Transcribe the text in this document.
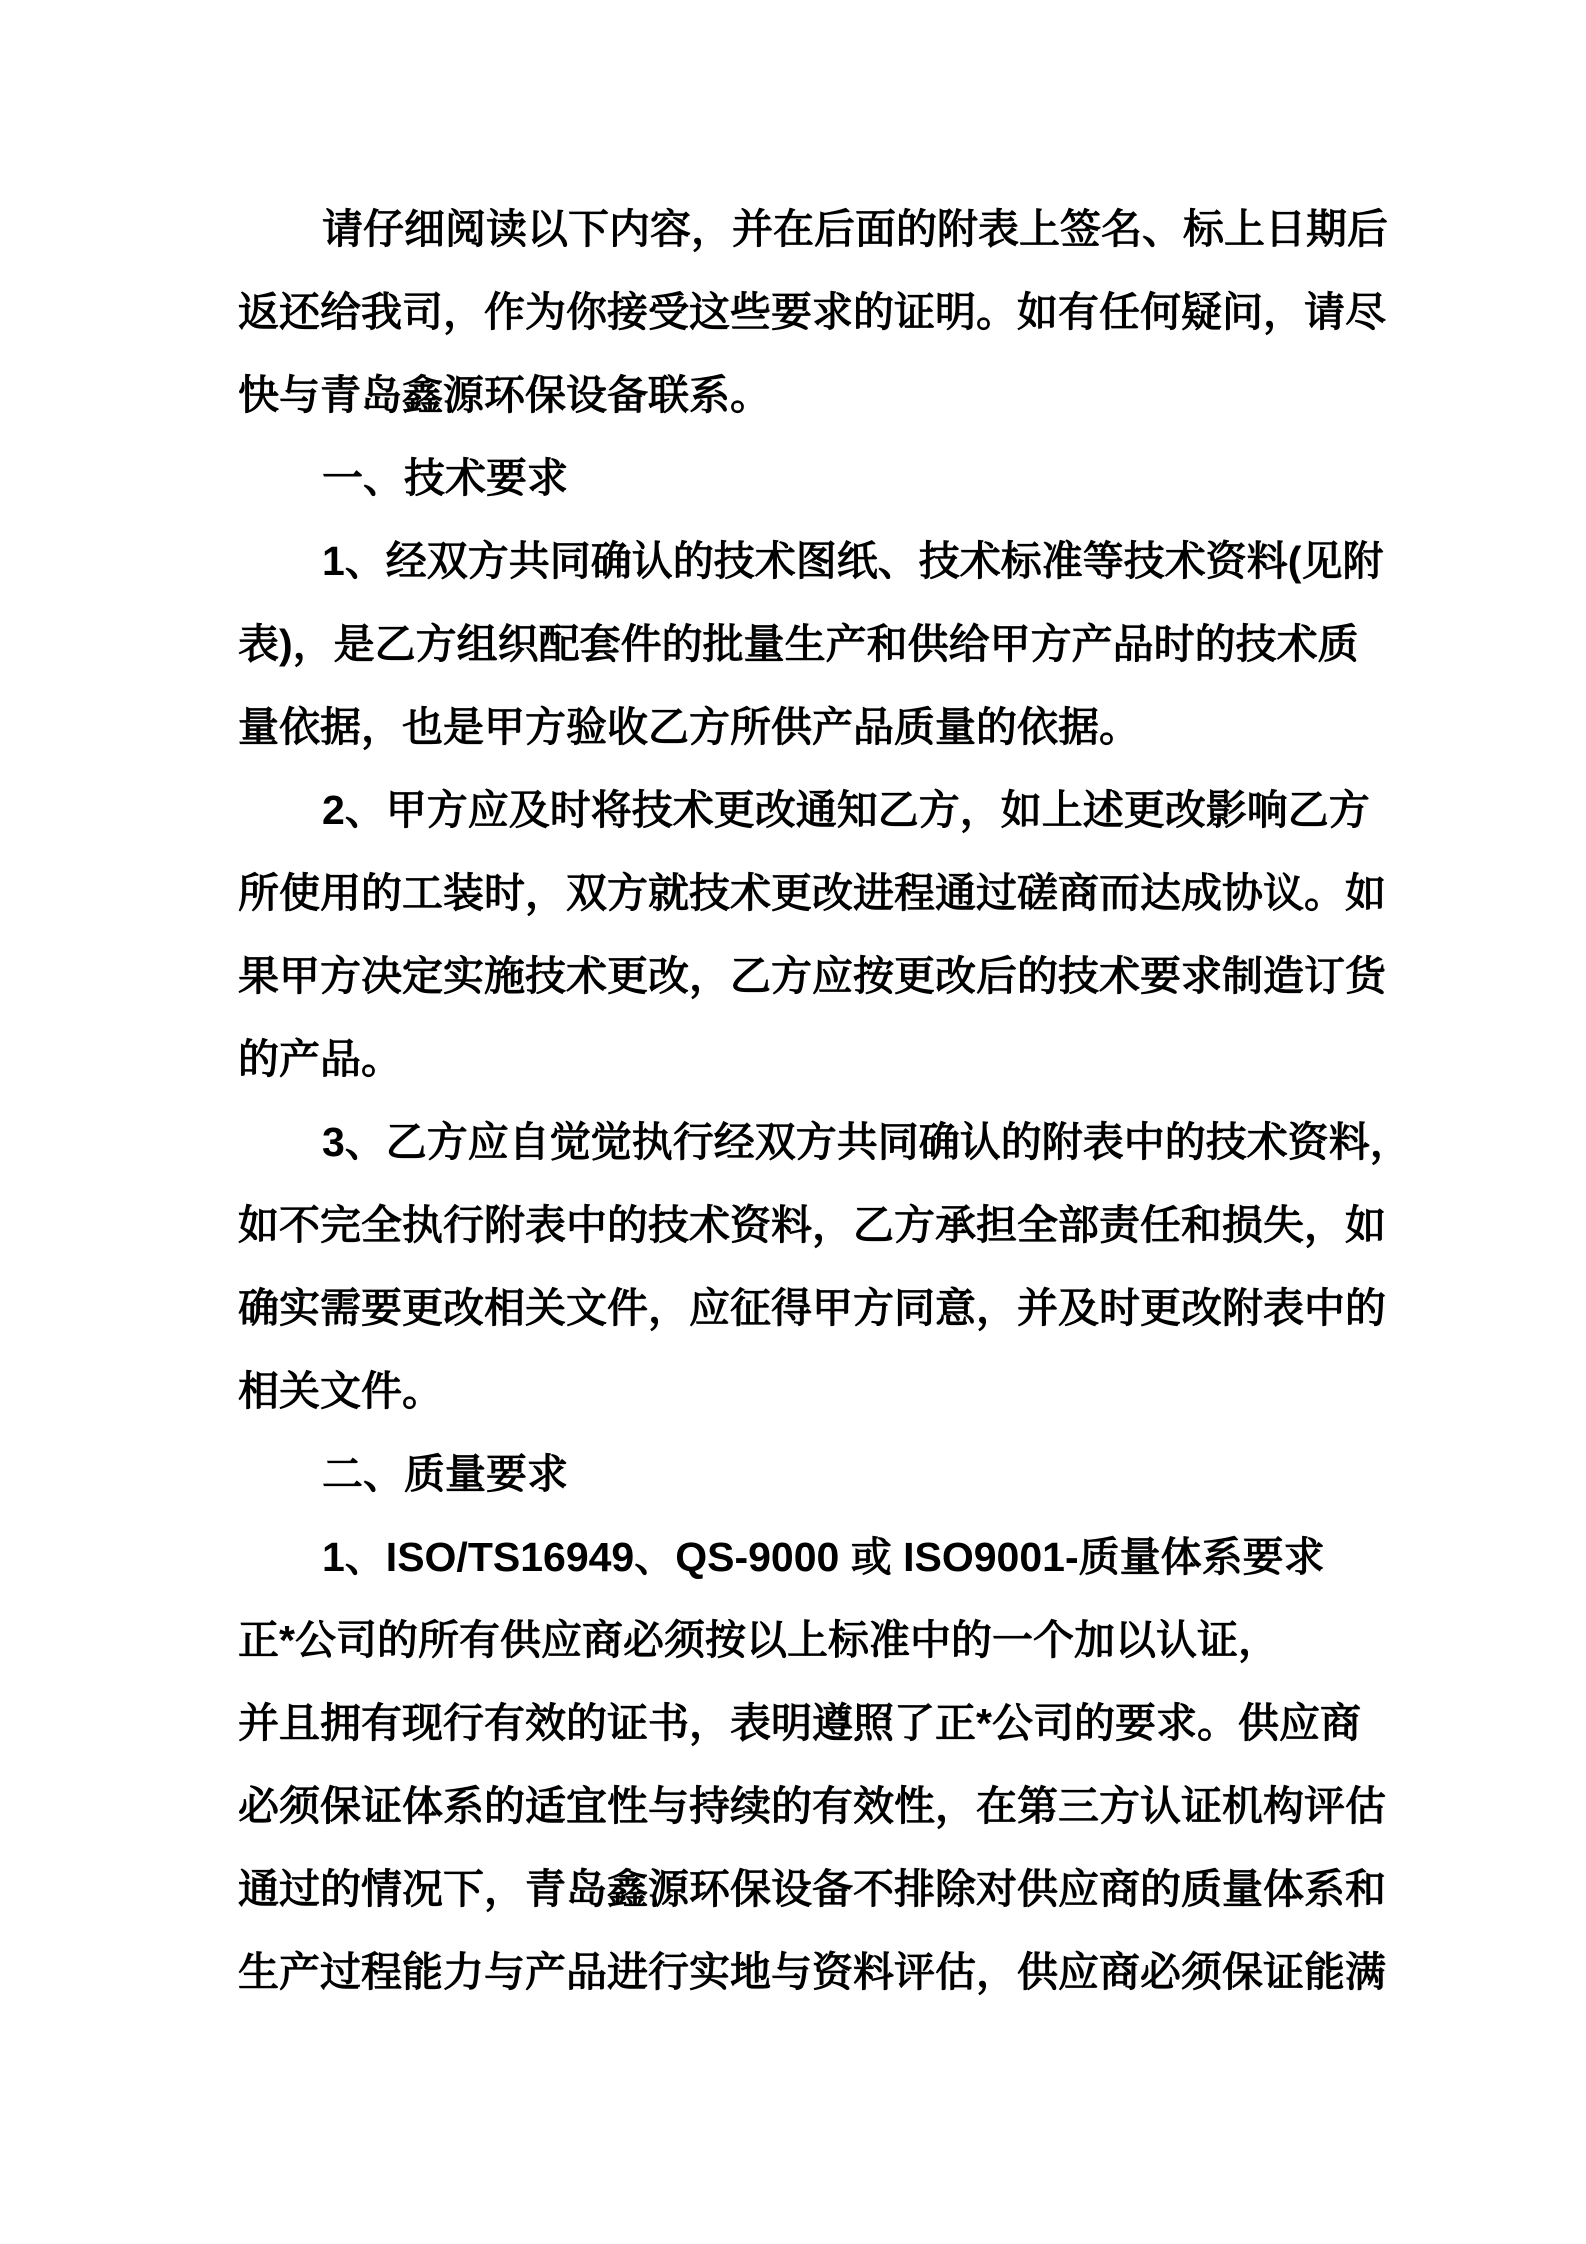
请仔细阅读以下内容，并在后面的附表上签名、标上日期后
返还给我司，作为你接受这些要求的证明。如有任何疑问，请尽
快与青岛鑫源环保设备联系。
一、技术要求
1、经双方共同确认的技术图纸、技术标准等技术资料(见附
表)，是乙方组织配套件的批量生产和供给甲方产品时的技术质
量依据，也是甲方验收乙方所供产品质量的依据。
2、甲方应及时将技术更改通知乙方，如上述更改影响乙方
所使用的工装时，双方就技术更改进程通过磋商而达成协议。如
果甲方决定实施技术更改，乙方应按更改后的技术要求制造订货
的产品。
3、乙方应自觉觉执行经双方共同确认的附表中的技术资料，
如不完全执行附表中的技术资料，乙方承担全部责任和损失，如
确实需要更改相关文件，应征得甲方同意，并及时更改附表中的
相关文件。
二、质量要求
1、ISO/TS16949、QS-9000 或 ISO9001-质量体系要求
正*公司的所有供应商必须按以上标准中的一个加以认证，
并且拥有现行有效的证书，表明遵照了正*公司的要求。供应商
必须保证体系的适宜性与持续的有效性，在第三方认证机构评估
通过的情况下，青岛鑫源环保设备不排除对供应商的质量体系和
生产过程能力与产品进行实地与资料评估，供应商必须保证能满
